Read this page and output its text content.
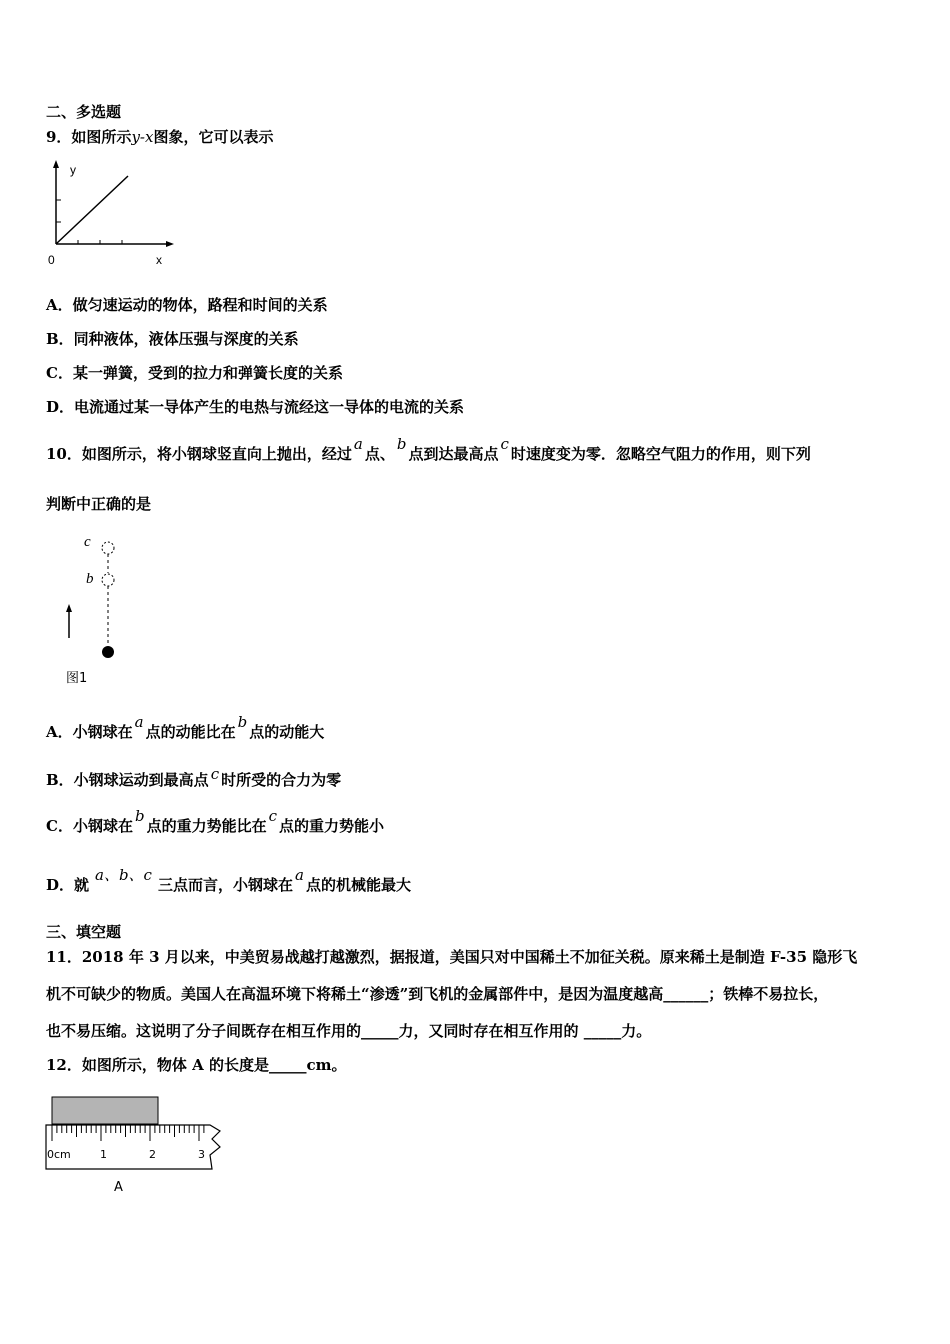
二、多选题
9．如图所示y-x图象，它可以表示
y
x
0
A．做匀速运动的物体，路程和时间的关系
B．同种液体，液体压强与深度的关系
C．某一弹簧，受到的拉力和弹簧长度的关系
D．电流通过某一导体产生的电热与流经这一导体的电流的关系
10．如图所示，将小钢球竖直向上抛出，经过a点、b点到达最高点c时速度变为零．忽略空气阻力的作用，则下列
判断中正确的是
c
b
图1
A．小钢球在a点的动能比在b点的动能大
B．小钢球运动到最高点 c 时所受的合力为零
C．小钢球在b点的重力势能比在c点的重力势能小
D．就a、b、c三点而言，小钢球在a点的机械能最大
三、填空题
11．2018 年 3 月以来，中美贸易战越打越激烈，据报道，美国只对中国稀土不加征关税。原来稀土是制造 F-35 隐形飞
机不可缺少的物质。美国人在高温环境下将稀土“渗透”到飞机的金属部件中，是因为温度越高______；铁棒不易拉长，
也不易压缩。这说明了分子间既存在相互作用的_____力，又同时存在相互作用的 _____力。
12．如图所示，物体 A 的长度是_____cm。
0cm	1	2	3
A
